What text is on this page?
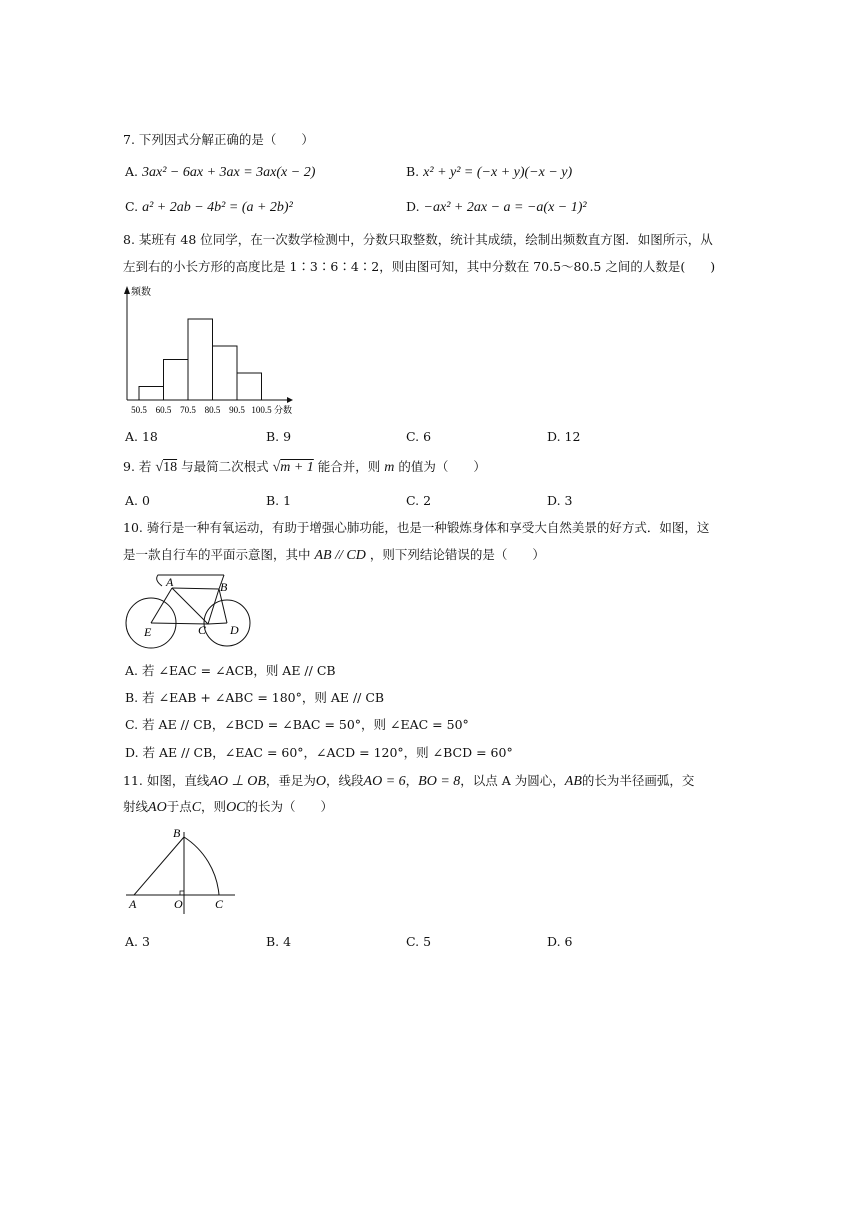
7. 下列因式分解正确的是（　　）
A. 3ax² − 6ax + 3ax = 3ax(x − 2)	B. x² + y² = (−x + y)(−x − y)
C. a² + 2ab − 4b² = (a + 2b)²	D. −ax² + 2ax − a = −a(x − 1)²
8. 某班有 48 位同学，在一次数学检测中，分数只取整数，统计其成绩，绘制出频数直方图．如图所示，从
左到右的小长方形的高度比是 1∶3∶6∶4∶2，则由图可知，其中分数在 70.5～80.5 之间的人数是(　　)
频数
分数
50.5 60.5 70.5 80.5 90.5 100.5
A. 18	B. 9	C. 6	D. 12
9. 若 √18 与最简二次根式 √m + 1 能合并，则 m 的值为（　　）
A. 0	B. 1	C. 2	D. 3
10. 骑行是一种有氧运动，有助于增强心肺功能，也是一种锻炼身体和享受大自然美景的好方式．如图，这
是一款自行车的平面示意图，其中 AB // CD ，则下列结论错误的是（　　）
A	B
C D
E
A. 若 ∠EAC = ∠ACB，则 AE // CB
B. 若 ∠EAB + ∠ABC = 180°，则 AE // CB
C. 若 AE // CB，∠BCD = ∠BAC = 50°，则 ∠EAC = 50°
D. 若 AE // CB，∠EAC = 60°，∠ACD = 120°，则 ∠BCD = 60°
11. 如图，直线AO ⊥ OB，垂足为O，线段AO = 6，BO = 8，以点 A 为圆心，AB的长为半径画弧，交
射线AO于点C，则OC的长为（　　）
A
B
O	C
A. 3	B. 4	C. 5	D. 6
